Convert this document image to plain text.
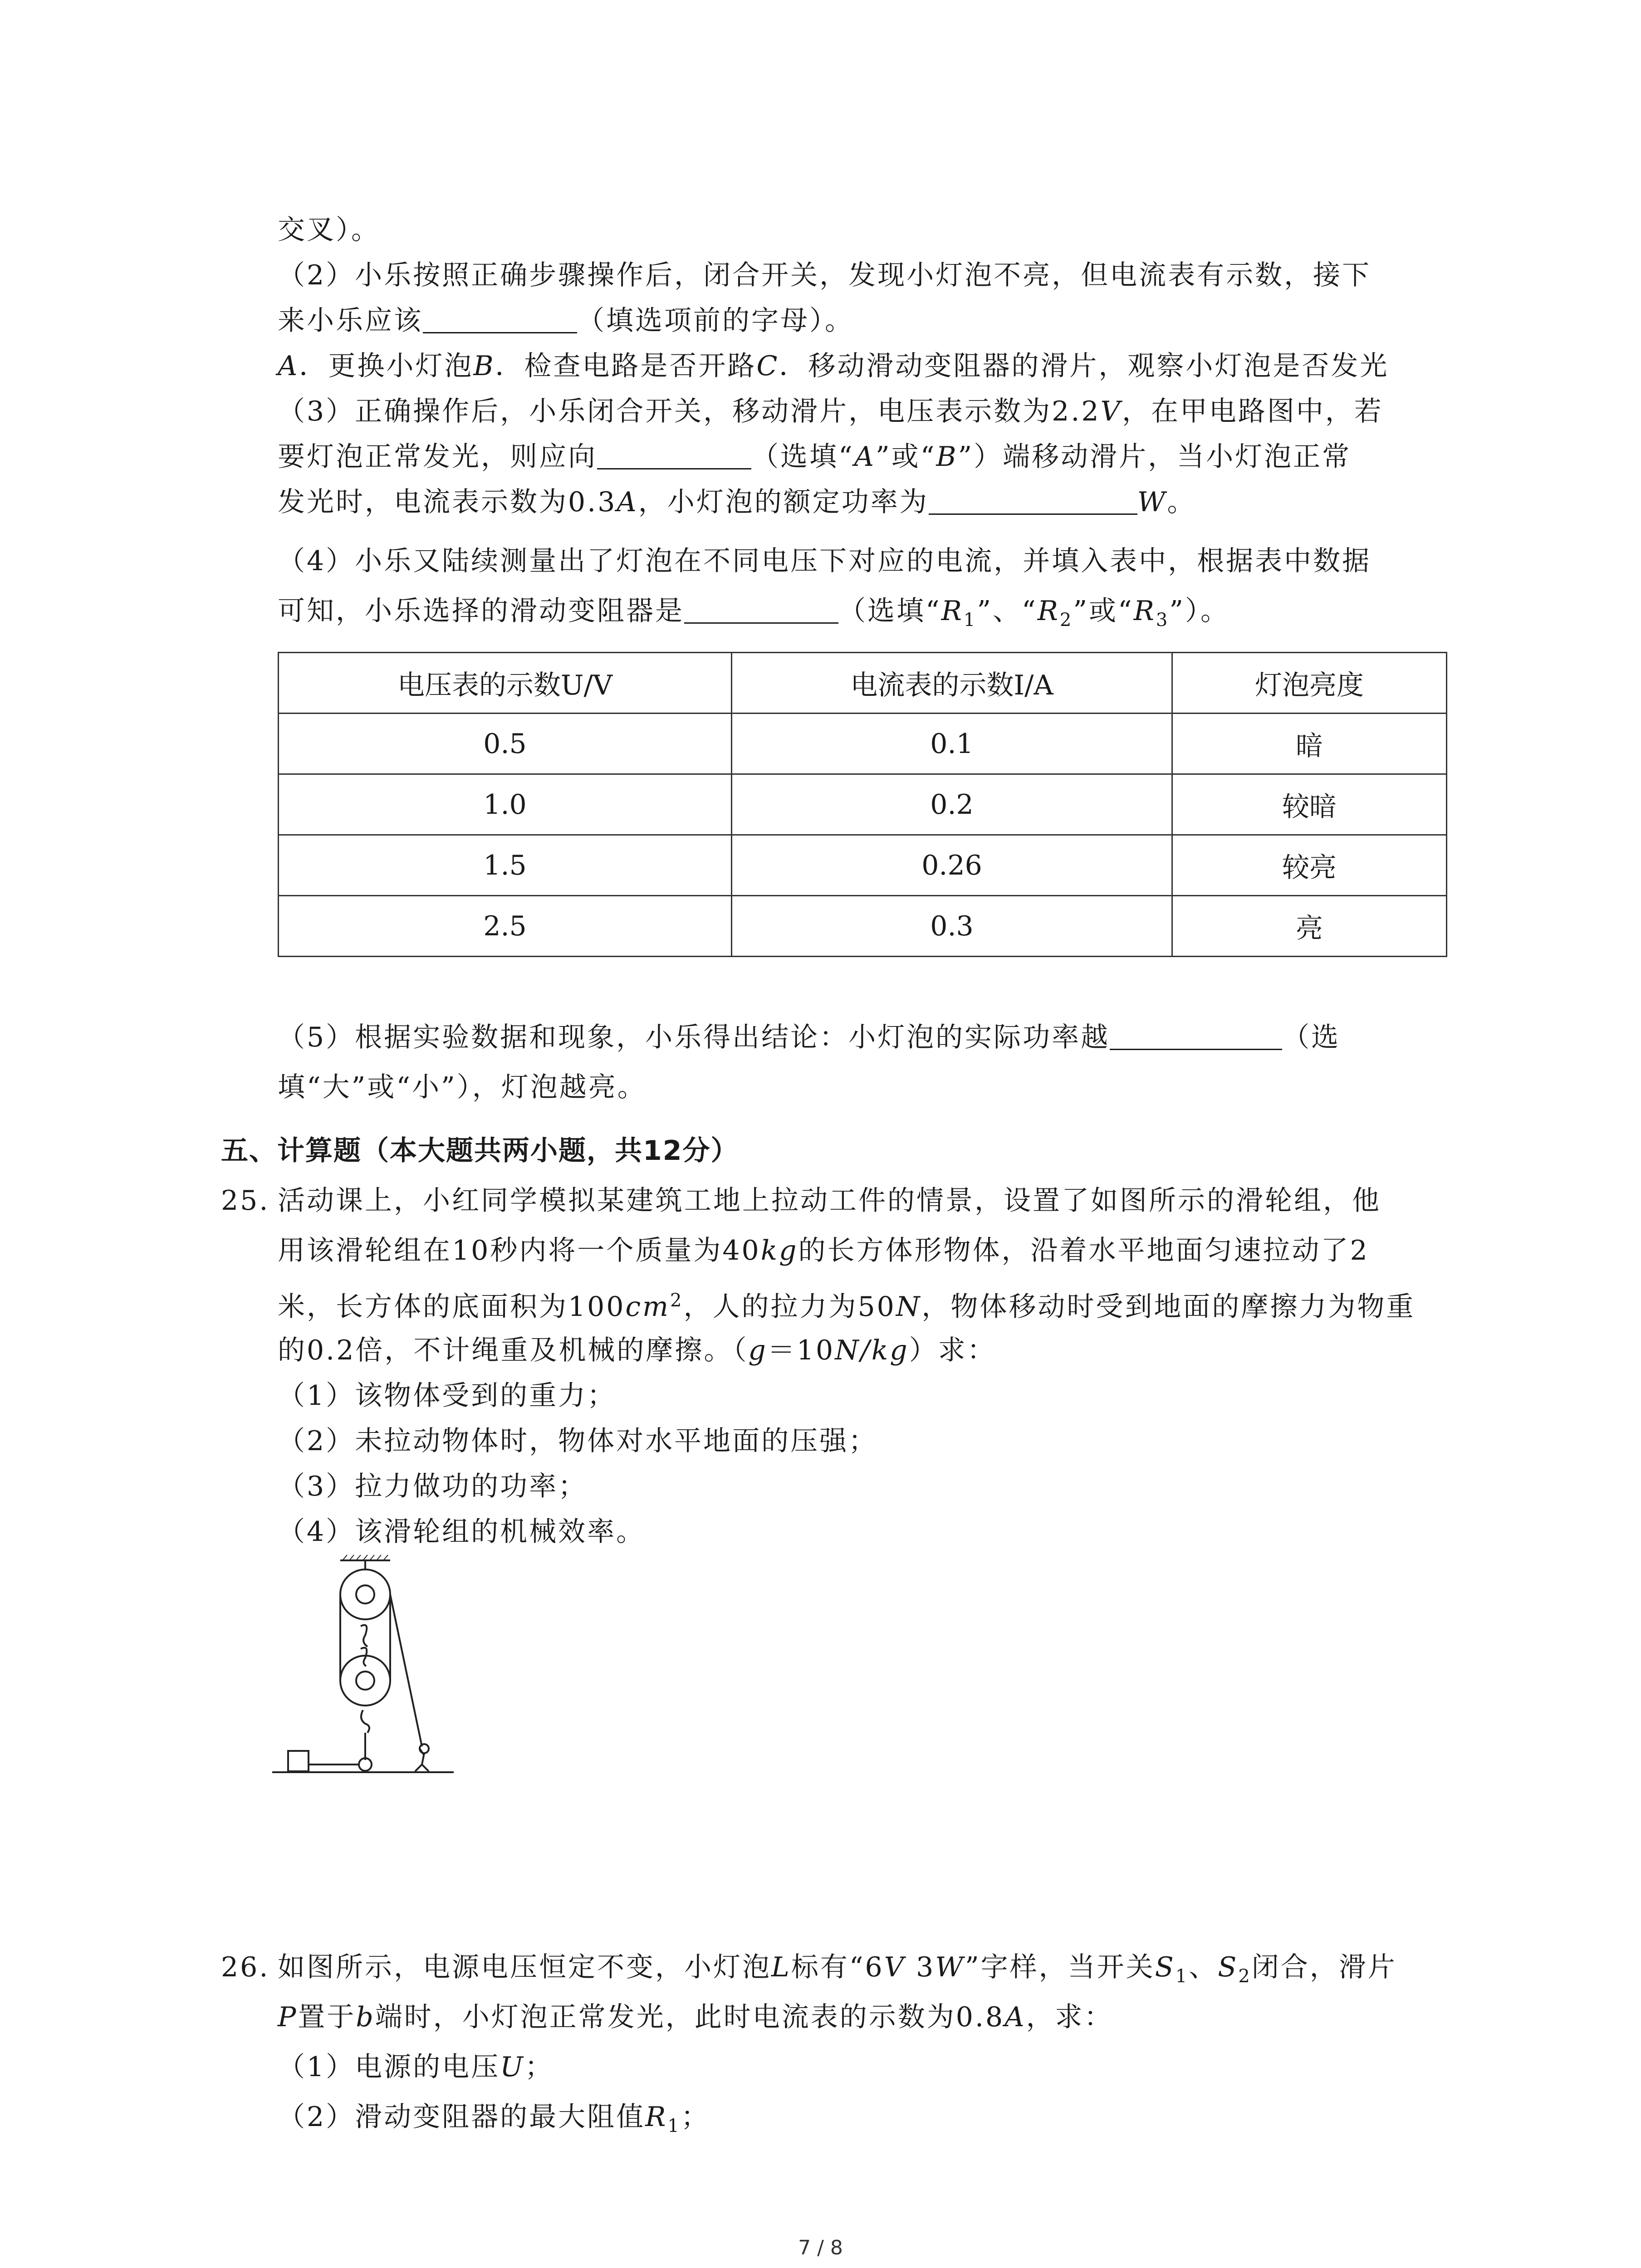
交叉）。
（2）小乐按照正确步骤操作后，闭合开关，发现小灯泡不亮，但电流表有示数，接下
来小乐应该	（填选项前的字母）。
A．更换小灯泡B．检查电路是否开路C．移动滑动变阻器的滑片，观察小灯泡是否发光
（3）正确操作后，小乐闭合开关，移动滑片，电压表示数为2.2V，在甲电路图中，若
要灯泡正常发光，则应向	（选填“A”或“B”）端移动滑片，当小灯泡正常
发光时，电流表示数为0.3A，小灯泡的额定功率为	W。
（4）小乐又陆续测量出了灯泡在不同电压下对应的电流，并填入表中，根据表中数据
可知，小乐选择的滑动变阻器是	（选填“$R_1$”、“$R_2$”或“$R_3$”）。
电压表的示数U/V	电流表的示数I/A	灯泡亮度
0.5	0.1	暗
1.0	0.2	较暗
1.5	0.26	较亮
2.5	0.3	亮
（5）根据实验数据和现象，小乐得出结论：小灯泡的实际功率越	（选
填“大”或“小”），灯泡越亮。
五、计算题（本大题共两小题，共12分）
25. 活动课上，小红同学模拟某建筑工地上拉动工件的情景，设置了如图所示的滑轮组，他
用该滑轮组在10秒内将一个质量为40kg的长方体形物体，沿着水平地面匀速拉动了2
米，长方体的底面积为$100cm^2$，人的拉力为50N，物体移动时受到地面的摩擦力为物重
的0.2倍，不计绳重及机械的摩擦。（g＝10N/kg）求：
（1）该物体受到的重力；
（2）未拉动物体时，物体对水平地面的压强；
（3）拉力做功的功率；
（4）该滑轮组的机械效率。
26. 如图所示，电源电压恒定不变，小灯泡L标有“6V 3W”字样，当开关$S_1$、$S_2$闭合，滑片
P置于b端时，小灯泡正常发光，此时电流表的示数为0.8A，求：
（1）电源的电压U；
（2）滑动变阻器的最大阻值$R_1$；
7 / 8
